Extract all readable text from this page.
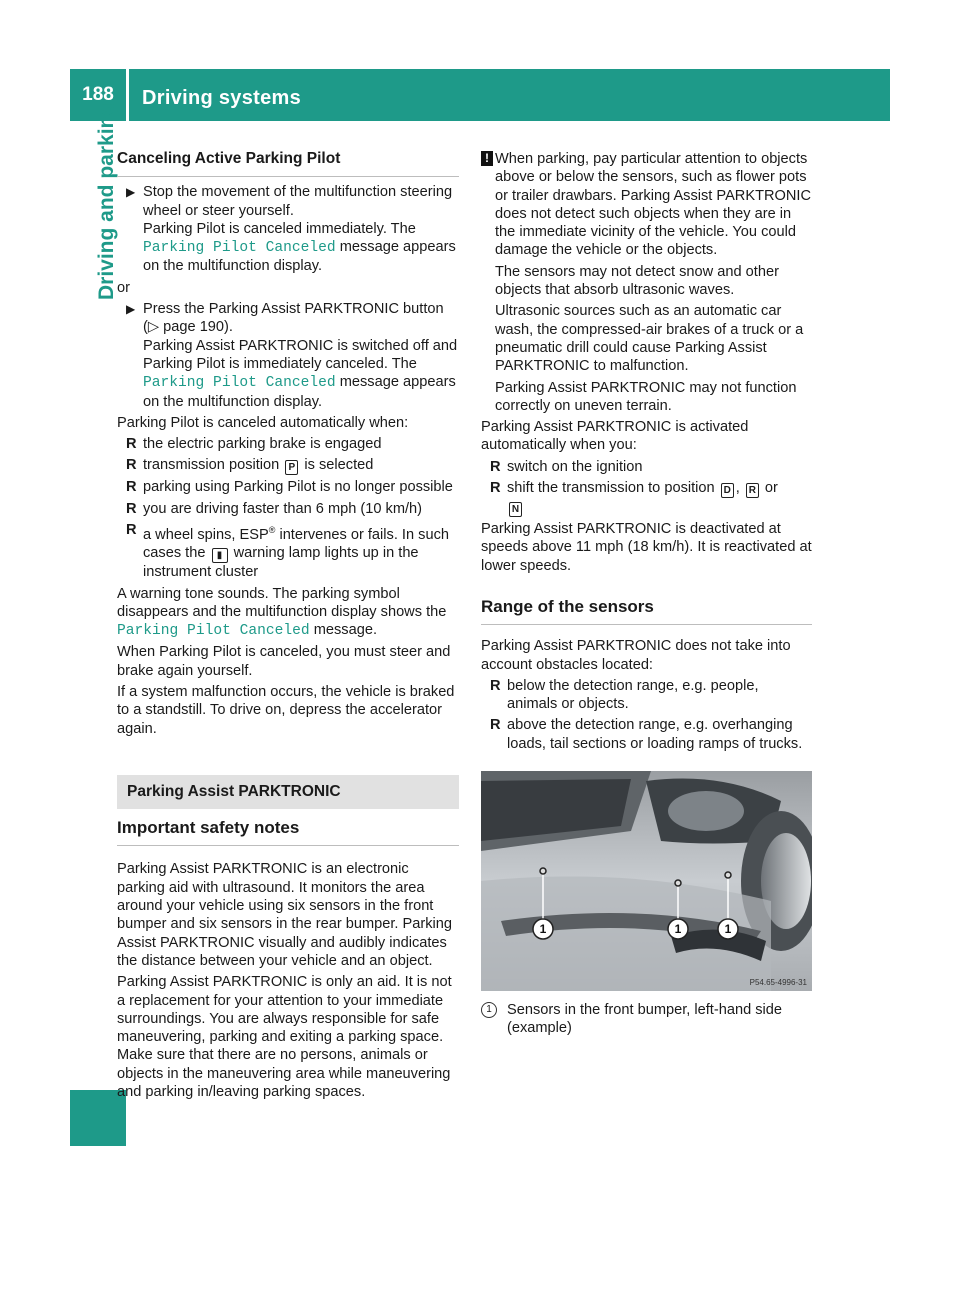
188	Driving systems
Driving and parking Canceling Active Parking Pilot
▶ Stop the movement of the multifunction steering wheel or steer yourself.
Parking Pilot is canceled immediately. The Parking Pilot Canceled message appears on the multifunction display.

or

▶ Press the Parking Assist PARKTRONIC button (▷ page 190).
Parking Assist PARKTRONIC is switched off and Parking Pilot is immediately canceled. The Parking Pilot Canceled message appears on the multifunction display.

Parking Pilot is canceled automatically when:

R the electric parking brake is engaged
R transmission position P is selected
R parking using Parking Pilot is no longer possible
R you are driving faster than 6 mph (10 km/h)
R a wheel spins, ESP® intervenes or fails. In such cases the ▮ warning lamp lights up in the instrument cluster

A warning tone sounds. The parking symbol disappears and the multifunction display shows the Parking Pilot Canceled message.

When Parking Pilot is canceled, you must steer and brake again yourself.

If a system malfunction occurs, the vehicle is braked to a standstill. To drive on, depress the accelerator again.

Parking Assist PARKTRONIC
Important safety notes

Parking Assist PARKTRONIC is an electronic parking aid with ultrasound. It monitors the area around your vehicle using six sensors in the front bumper and six sensors in the rear bumper. Parking Assist PARKTRONIC visually and audibly indicates the distance between your vehicle and an object.

Parking Assist PARKTRONIC is only an aid. It is not a replacement for your attention to your immediate surroundings. You are always responsible for safe maneuvering, parking and exiting a parking space. Make sure that there are no persons, animals or objects in the maneuvering area while maneuvering and parking in/leaving parking spaces.

! When parking, pay particular attention to objects above or below the sensors, such as flower pots or trailer drawbars. Parking Assist PARKTRONIC does not detect such objects when they are in the immediate vicinity of the vehicle. You could damage the vehicle or the objects.

The sensors may not detect snow and other objects that absorb ultrasonic waves.

Ultrasonic sources such as an automatic car wash, the compressed-air brakes of a truck or a pneumatic drill could cause Parking Assist PARKTRONIC to malfunction.

Parking Assist PARKTRONIC may not function correctly on uneven terrain.

Parking Assist PARKTRONIC is activated automatically when you:

R switch on the ignition
R shift the transmission to position D , R or
N

Parking Assist PARKTRONIC is deactivated at speeds above 11 mph (18 km/h). It is reactivated at lower speeds.

Range of the sensors

Parking Assist PARKTRONIC does not take into account obstacles located:

R below the detection range, e.g. people, animals or objects.
R above the detection range, e.g. overhanging loads, tail sections or loading ramps of trucks.
1	1	1
P54.65-4996-31
1	Sensors in the front bumper, left-hand side (example)
